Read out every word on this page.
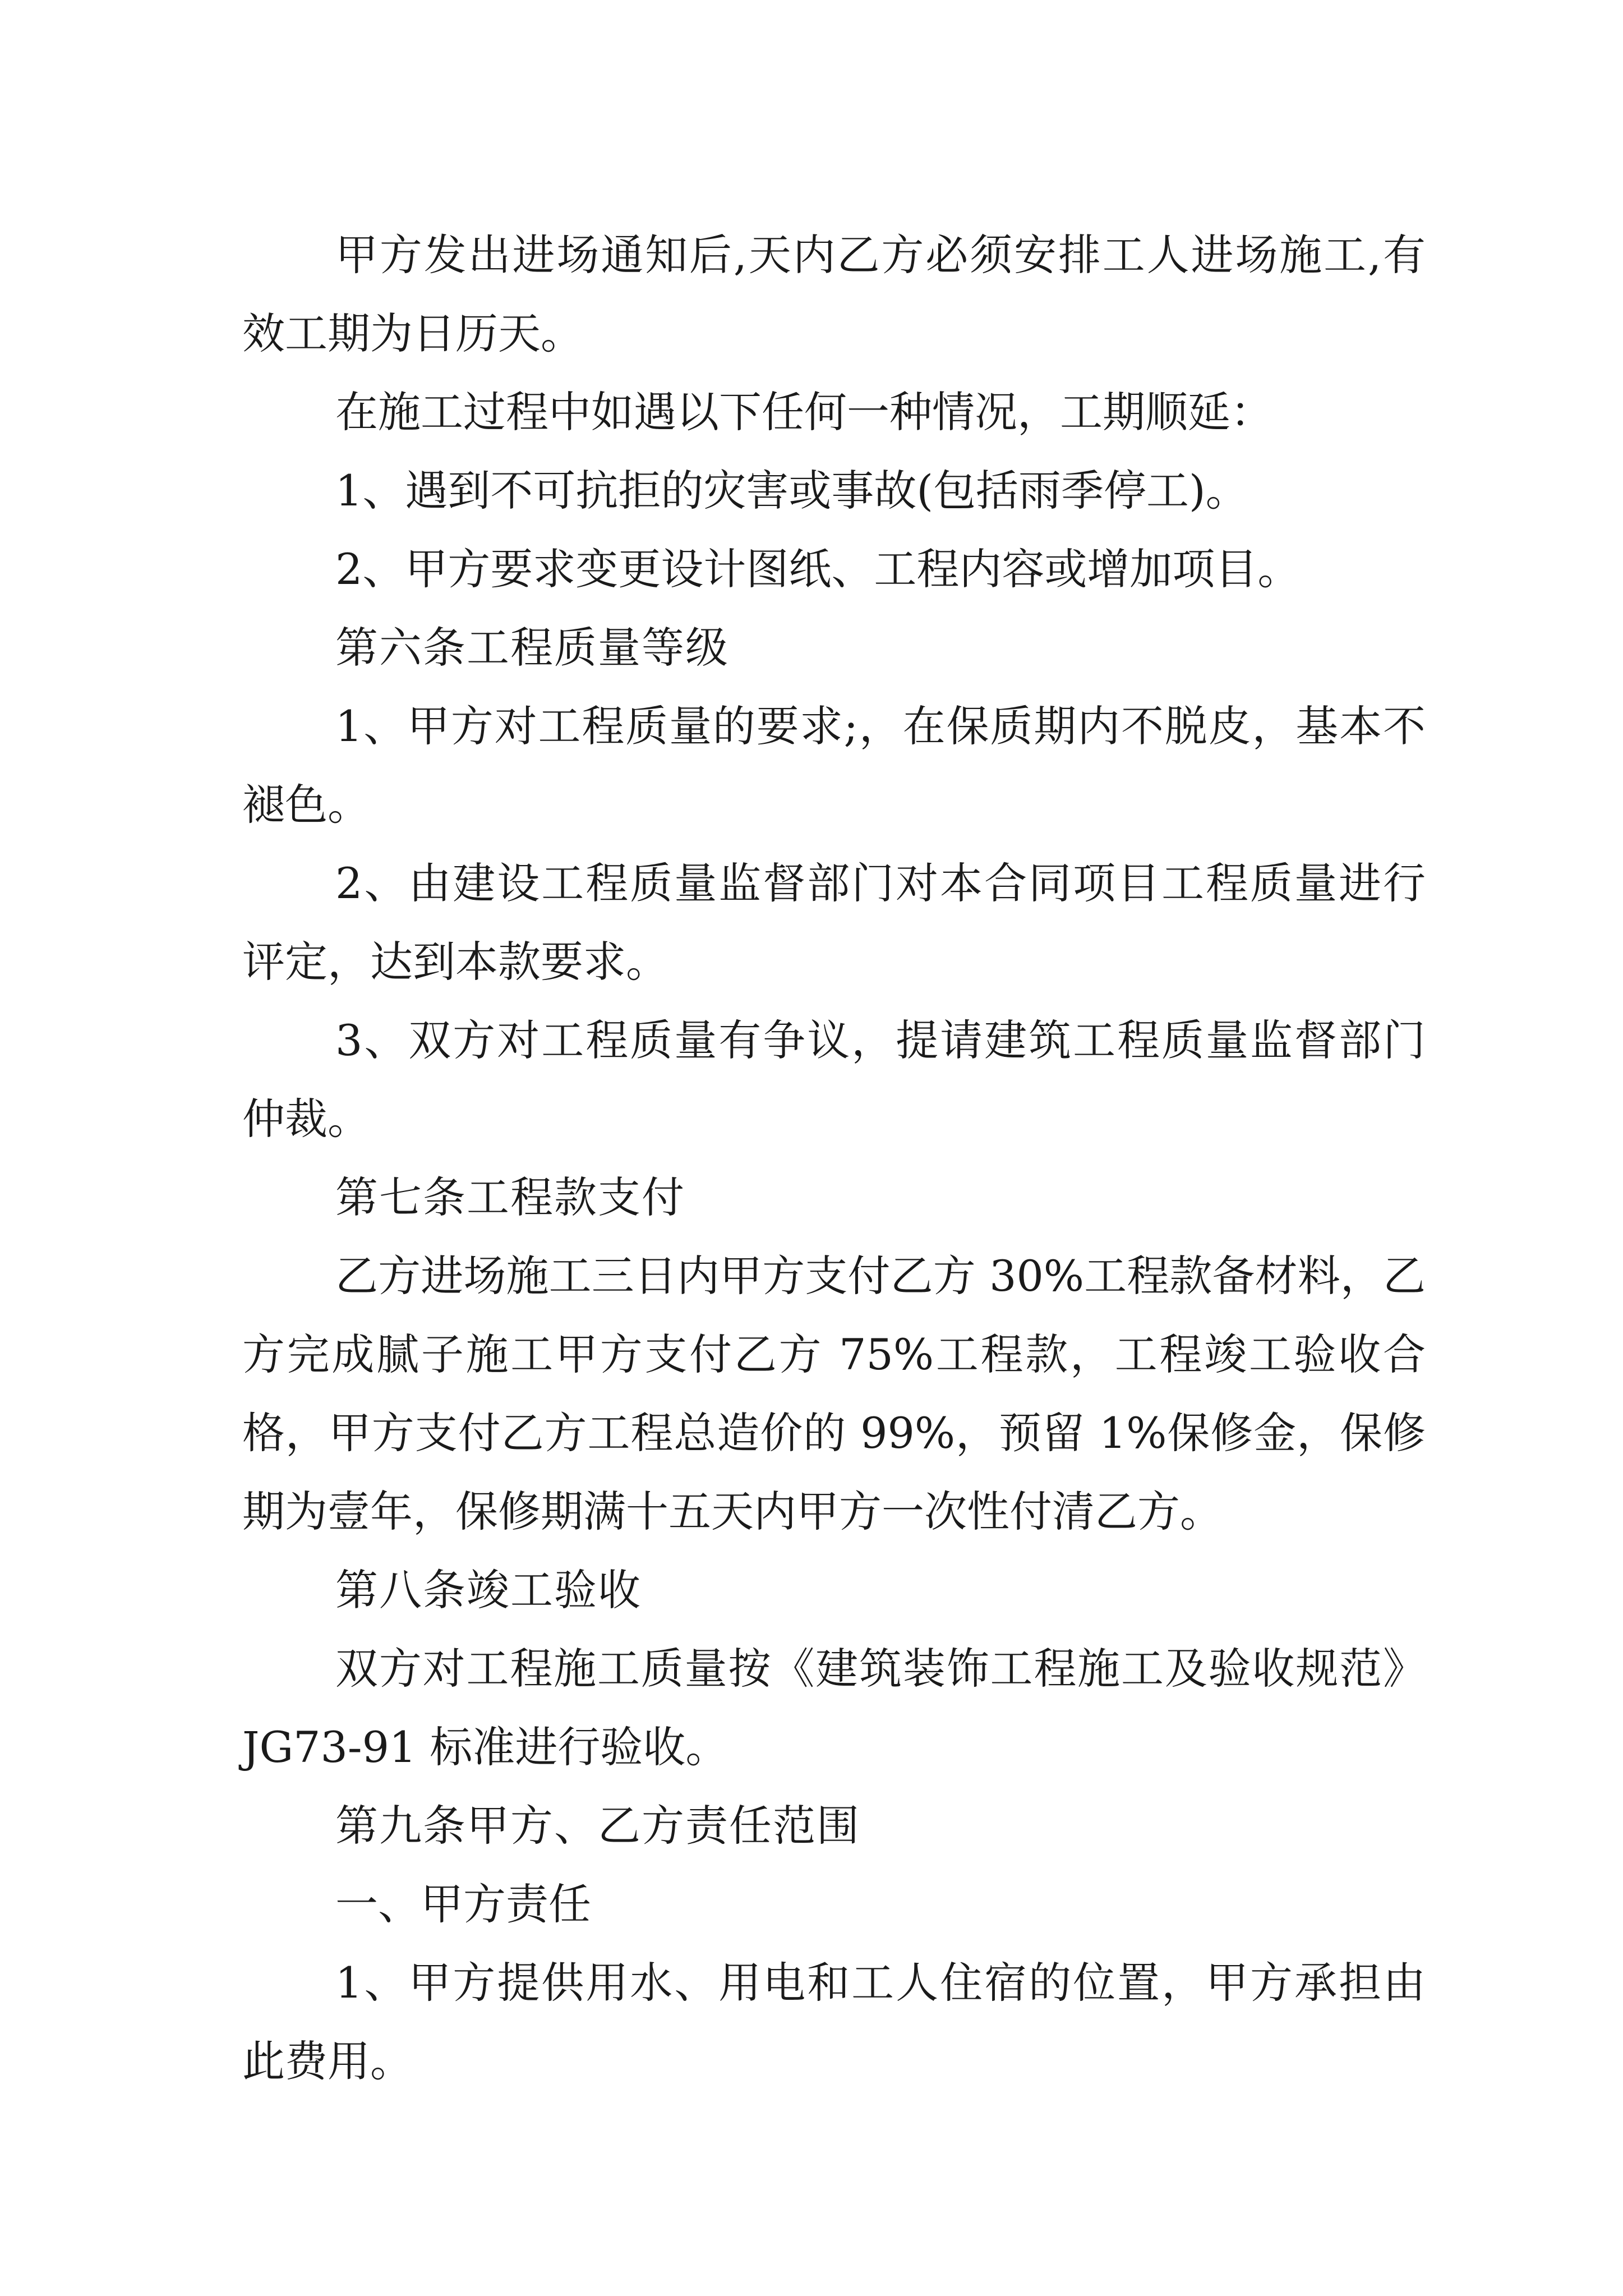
甲方发出进场通知后,天内乙方必须安排工人进场施工,有效工期为日历天。

在施工过程中如遇以下任何一种情况，工期顺延：

1、遇到不可抗拒的灾害或事故(包括雨季停工)。

2、甲方要求变更设计图纸、工程内容或增加项目。

第六条工程质量等级

1、甲方对工程质量的要求;，在保质期内不脱皮，基本不褪色。

2、由建设工程质量监督部门对本合同项目工程质量进行评定，达到本款要求。

3、双方对工程质量有争议，提请建筑工程质量监督部门仲裁。

第七条工程款支付

乙方进场施工三日内甲方支付乙方 30%工程款备材料，乙方完成腻子施工甲方支付乙方 75%工程款，工程竣工验收合格，甲方支付乙方工程总造价的 99%，预留 1%保修金，保修期为壹年，保修期满十五天内甲方一次性付清乙方。

第八条竣工验收

双方对工程施工质量按《建筑装饰工程施工及验收规范》JG73-91 标准进行验收。

第九条甲方、乙方责任范围

一、甲方责任

1、甲方提供用水、用电和工人住宿的位置，甲方承担由此费用。
